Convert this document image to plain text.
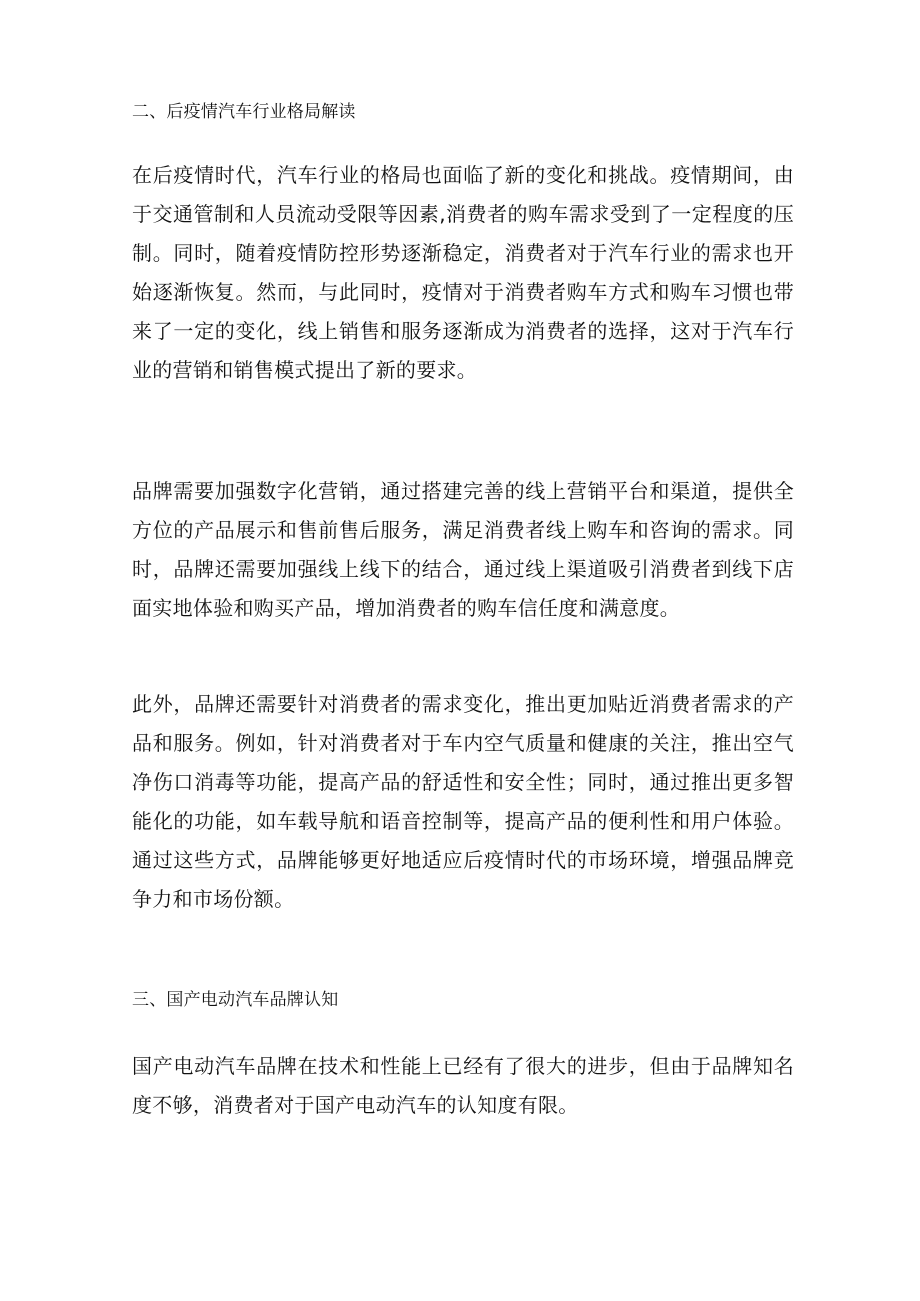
二、后疫情汽车行业格局解读

在后疫情时代，汽车行业的格局也面临了新的变化和挑战。疫情期间，由于交通管制和人员流动受限等因素,消费者的购车需求受到了一定程度的压制。同时，随着疫情防控形势逐渐稳定，消费者对于汽车行业的需求也开始逐渐恢复。然而，与此同时，疫情对于消费者购车方式和购车习惯也带来了一定的变化，线上销售和服务逐渐成为消费者的选择，这对于汽车行业的营销和销售模式提出了新的要求。

品牌需要加强数字化营销，通过搭建完善的线上营销平台和渠道，提供全方位的产品展示和售前售后服务，满足消费者线上购车和咨询的需求。同时，品牌还需要加强线上线下的结合，通过线上渠道吸引消费者到线下店面实地体验和购买产品，增加消费者的购车信任度和满意度。

此外，品牌还需要针对消费者的需求变化，推出更加贴近消费者需求的产品和服务。例如，针对消费者对于车内空气质量和健康的关注，推出空气净伤口消毒等功能，提高产品的舒适性和安全性；同时，通过推出更多智能化的功能，如车载导航和语音控制等，提高产品的便利性和用户体验。通过这些方式，品牌能够更好地适应后疫情时代的市场环境，增强品牌竞争力和市场份额。

三、国产电动汽车品牌认知

国产电动汽车品牌在技术和性能上已经有了很大的进步，但由于品牌知名度不够，消费者对于国产电动汽车的认知度有限。
